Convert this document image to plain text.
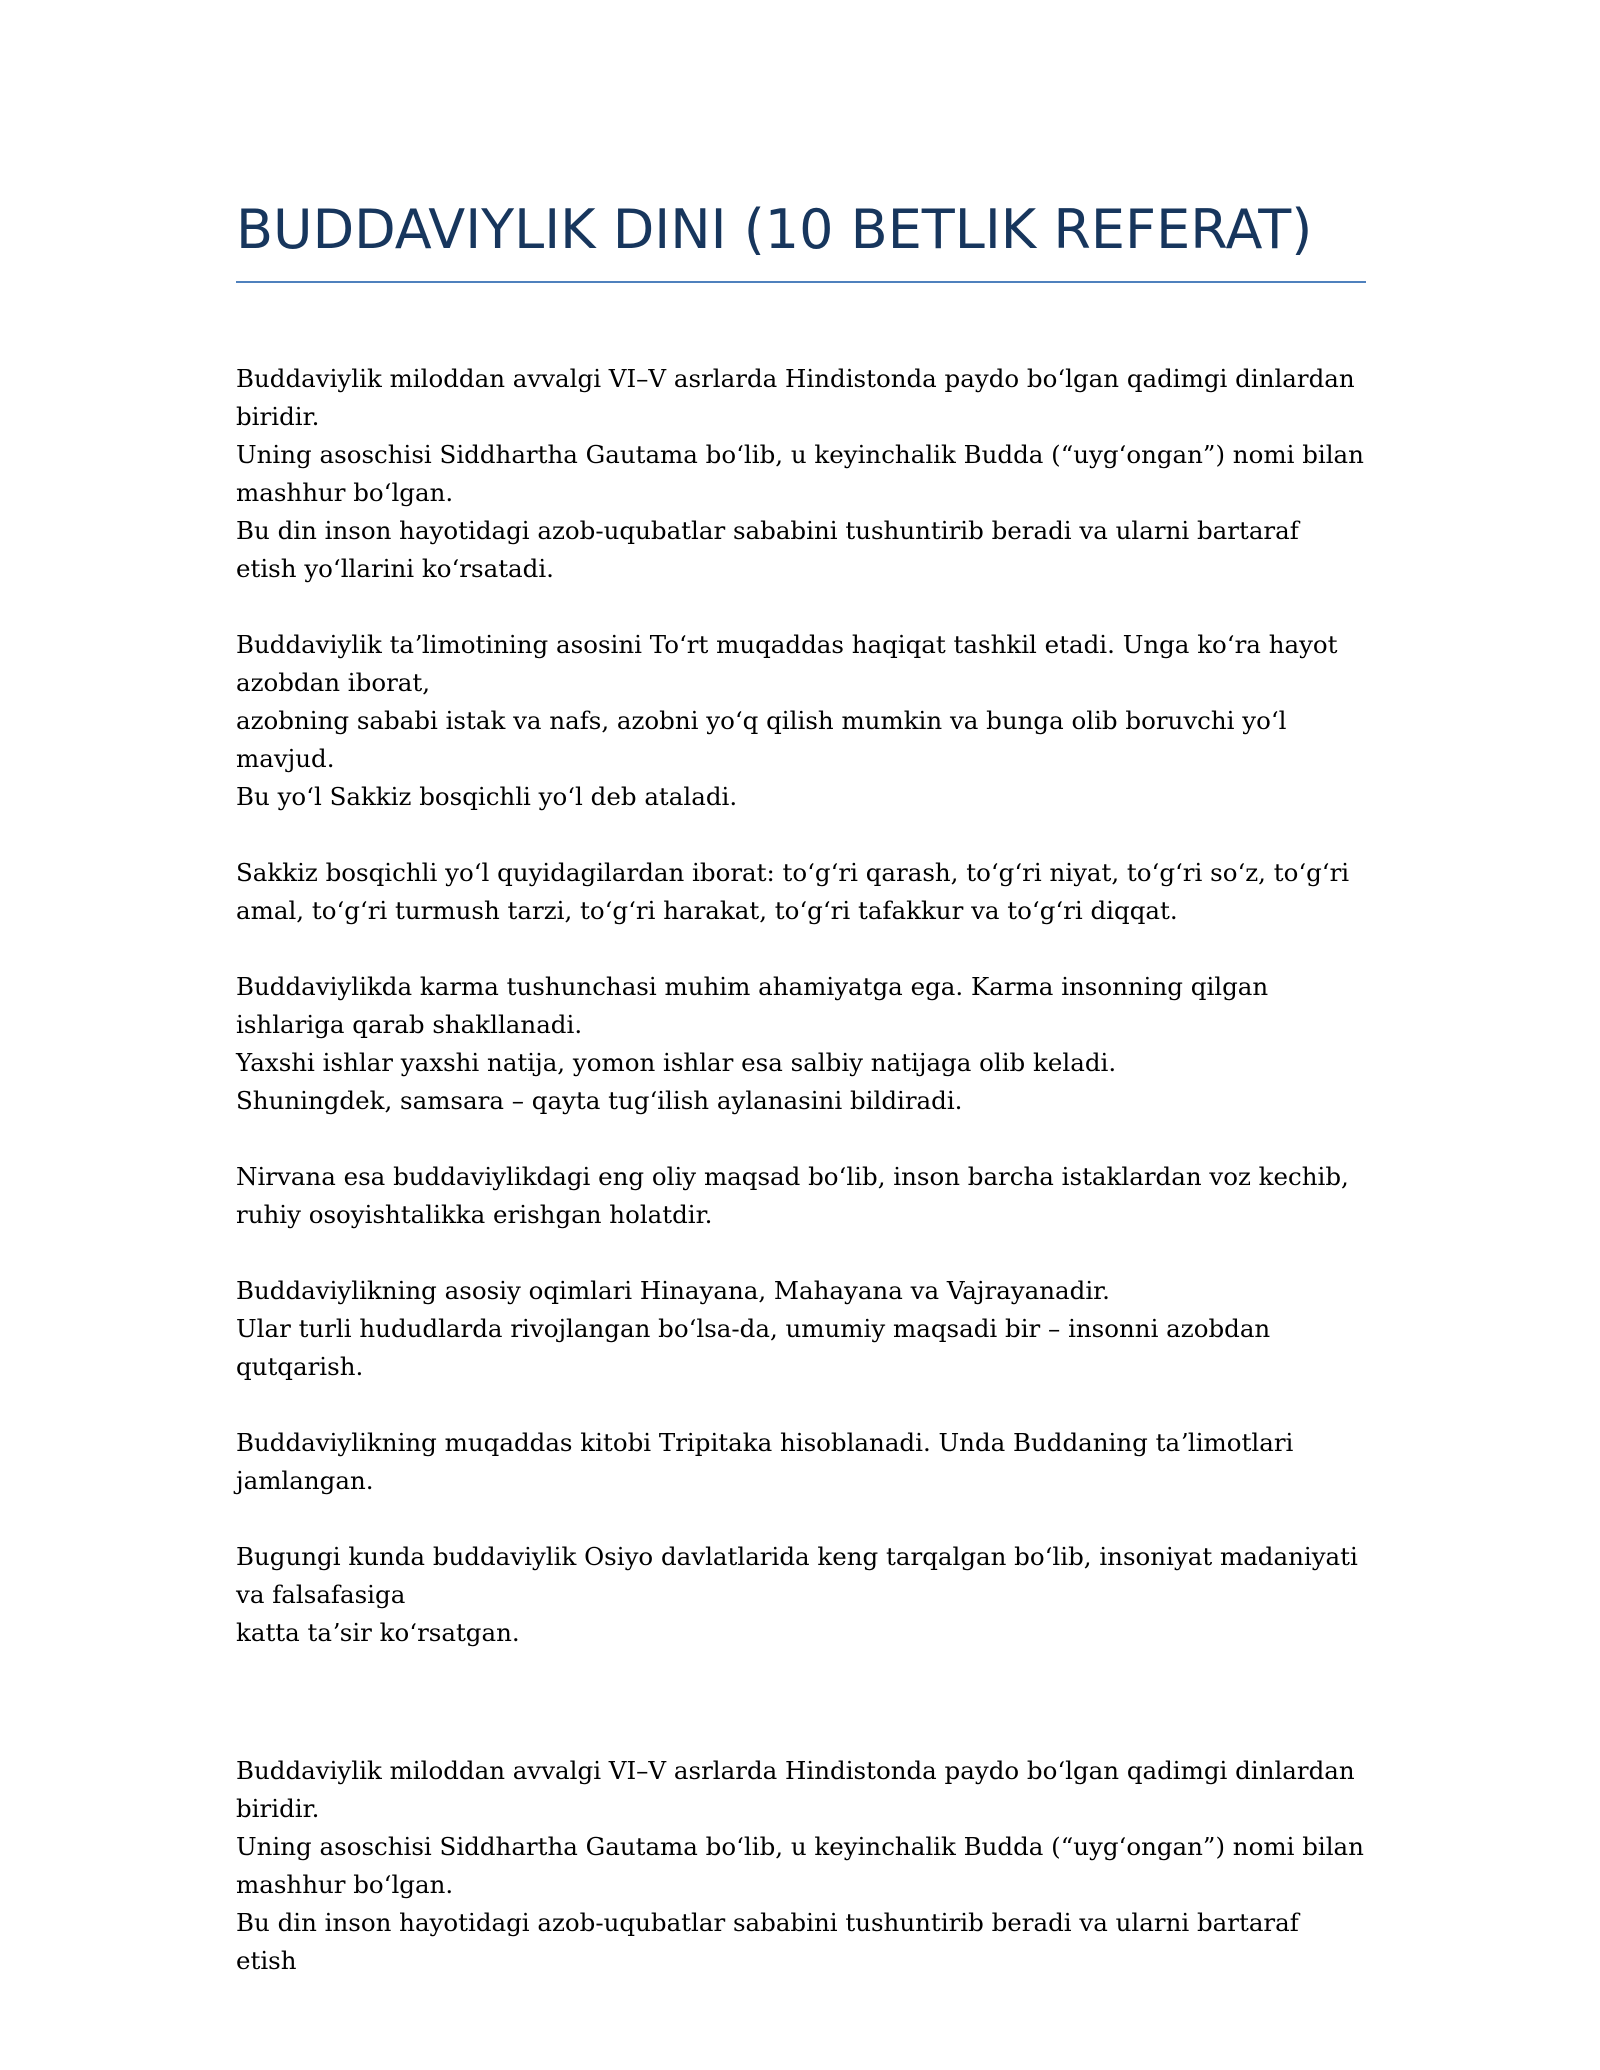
BUDDAVIYLIK DINI (10 BETLIK REFERAT)

Buddaviylik miloddan avvalgi VI–V asrlarda Hindistonda paydo boʻlgan qadimgi dinlardan biridir.
Uning asoschisi Siddhartha Gautama boʻlib, u keyinchalik Budda (“uygʻongan”) nomi bilan mashhur boʻlgan.
Bu din inson hayotidagi azob-uqubatlar sababini tushuntirib beradi va ularni bartaraf etish yoʻllarini koʻrsatadi.

Buddaviylik taʼlimotining asosini Toʻrt muqaddas haqiqat tashkil etadi. Unga koʻra hayot azobdan iborat,
azobning sababi istak va nafs, azobni yoʻq qilish mumkin va bunga olib boruvchi yoʻl mavjud.
Bu yoʻl Sakkiz bosqichli yoʻl deb ataladi.

Sakkiz bosqichli yoʻl quyidagilardan iborat: toʻgʻri qarash, toʻgʻri niyat, toʻgʻri soʻz, toʻgʻri amal, toʻgʻri turmush tarzi, toʻgʻri harakat, toʻgʻri tafakkur va toʻgʻri diqqat.

Buddaviylikda karma tushunchasi muhim ahamiyatga ega. Karma insonning qilgan ishlariga qarab shakllanadi.
Yaxshi ishlar yaxshi natija, yomon ishlar esa salbiy natijaga olib keladi.
Shuningdek, samsara – qayta tugʻilish aylanasini bildiradi.

Nirvana esa buddaviylikdagi eng oliy maqsad boʻlib, inson barcha istaklardan voz kechib, ruhiy osoyishtalikka erishgan holatdir.

Buddaviylikning asosiy oqimlari Hinayana, Mahayana va Vajrayanadir.
Ular turli hududlarda rivojlangan boʻlsa-da, umumiy maqsadi bir – insonni azobdan qutqarish.

Buddaviylikning muqaddas kitobi Tripitaka hisoblanadi. Unda Buddaning taʼlimotlari jamlangan.

Bugungi kunda buddaviylik Osiyo davlatlarida keng tarqalgan boʻlib, insoniyat madaniyati va falsafasiga
katta taʼsir koʻrsatgan.

Buddaviylik miloddan avvalgi VI–V asrlarda Hindistonda paydo boʻlgan qadimgi dinlardan biridir.
Uning asoschisi Siddhartha Gautama boʻlib, u keyinchalik Budda (“uygʻongan”) nomi bilan mashhur boʻlgan.
Bu din inson hayotidagi azob-uqubatlar sababini tushuntirib beradi va ularni bartaraf etish
